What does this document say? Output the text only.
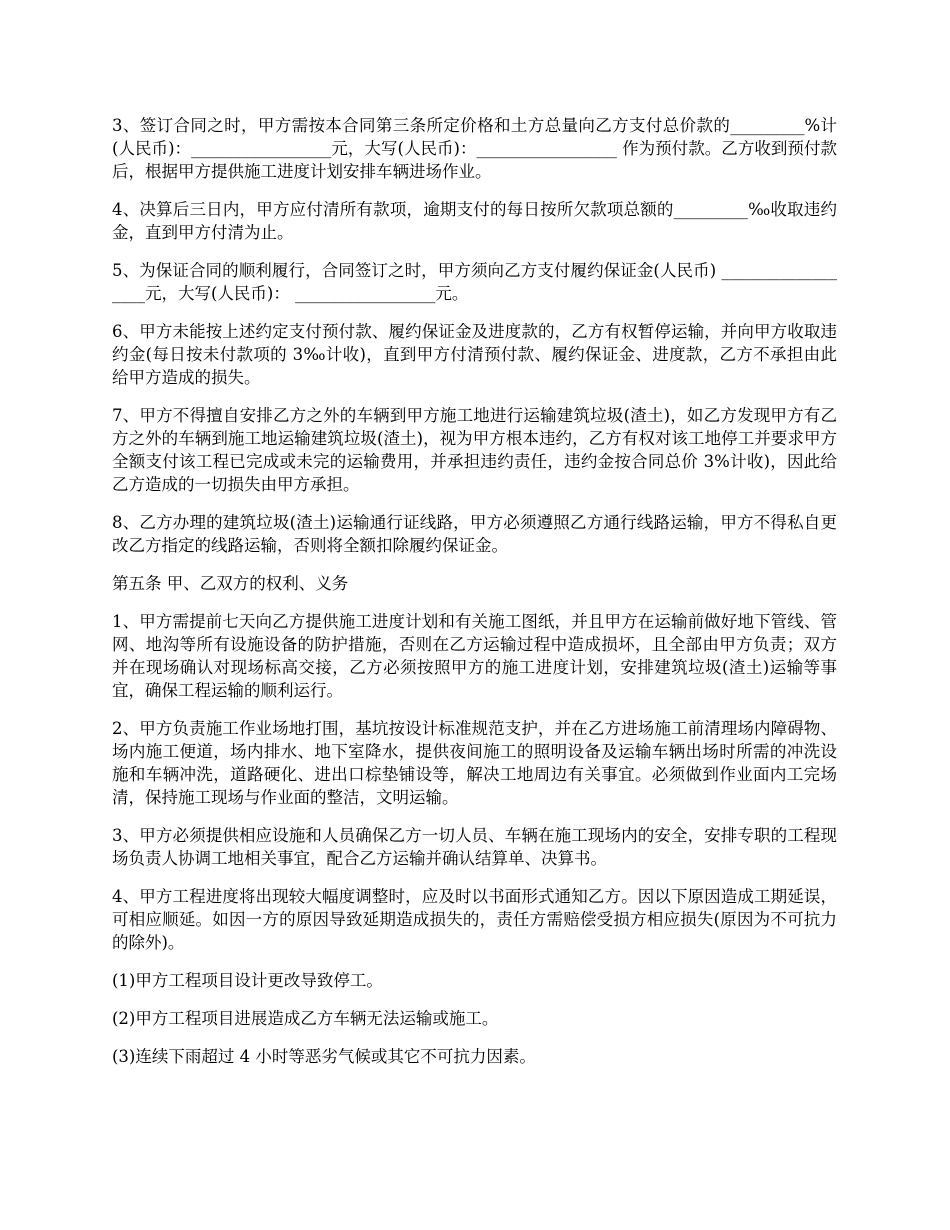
3、签订合同之时，甲方需按本合同第三条所定价格和土方总量向乙方支付总价款的_________%计(人民币)：_________________元，大写(人民币)：_________________ 作为预付款。乙方收到预付款后，根据甲方提供施工进度计划安排车辆进场作业。

4、决算后三日内，甲方应付清所有款项，逾期支付的每日按所欠款项总额的_________‰收取违约金，直到甲方付清为止。

5、为保证合同的顺利履行，合同签订之时，甲方须向乙方支付履约保证金(人民币) __________________元，大写(人民币)： _________________元。

6、甲方未能按上述约定支付预付款、履约保证金及进度款的，乙方有权暂停运输，并向甲方收取违约金(每日按未付款项的 3‰计收)，直到甲方付清预付款、履约保证金、进度款，乙方不承担由此给甲方造成的损失。

7、甲方不得擅自安排乙方之外的车辆到甲方施工地进行运输建筑垃圾(渣土)，如乙方发现甲方有乙方之外的车辆到施工地运输建筑垃圾(渣土)，视为甲方根本违约，乙方有权对该工地停工并要求甲方全额支付该工程已完成或未完的运输费用，并承担违约责任，违约金按合同总价 3%计收)，因此给乙方造成的一切损失由甲方承担。

8、乙方办理的建筑垃圾(渣土)运输通行证线路，甲方必须遵照乙方通行线路运输，甲方不得私自更改乙方指定的线路运输，否则将全额扣除履约保证金。

第五条 甲、乙双方的权利、义务

1、甲方需提前七天向乙方提供施工进度计划和有关施工图纸，并且甲方在运输前做好地下管线、管网、地沟等所有设施设备的防护措施，否则在乙方运输过程中造成损坏，且全部由甲方负责；双方并在现场确认对现场标高交接，乙方必须按照甲方的施工进度计划，安排建筑垃圾(渣土)运输等事宜，确保工程运输的顺利运行。

2、甲方负责施工作业场地打围，基坑按设计标准规范支护，并在乙方进场施工前清理场内障碍物、场内施工便道，场内排水、地下室降水，提供夜间施工的照明设备及运输车辆出场时所需的冲洗设施和车辆冲洗，道路硬化、进出口棕垫铺设等，解决工地周边有关事宜。必须做到作业面内工完场清，保持施工现场与作业面的整洁，文明运输。

3、甲方必须提供相应设施和人员确保乙方一切人员、车辆在施工现场内的安全，安排专职的工程现场负责人协调工地相关事宜，配合乙方运输并确认结算单、决算书。

4、甲方工程进度将出现较大幅度调整时，应及时以书面形式通知乙方。因以下原因造成工期延误，可相应顺延。如因一方的原因导致延期造成损失的，责任方需赔偿受损方相应损失(原因为不可抗力的除外)。

(1)甲方工程项目设计更改导致停工。

(2)甲方工程项目进展造成乙方车辆无法运输或施工。

(3)连续下雨超过 4 小时等恶劣气候或其它不可抗力因素。
